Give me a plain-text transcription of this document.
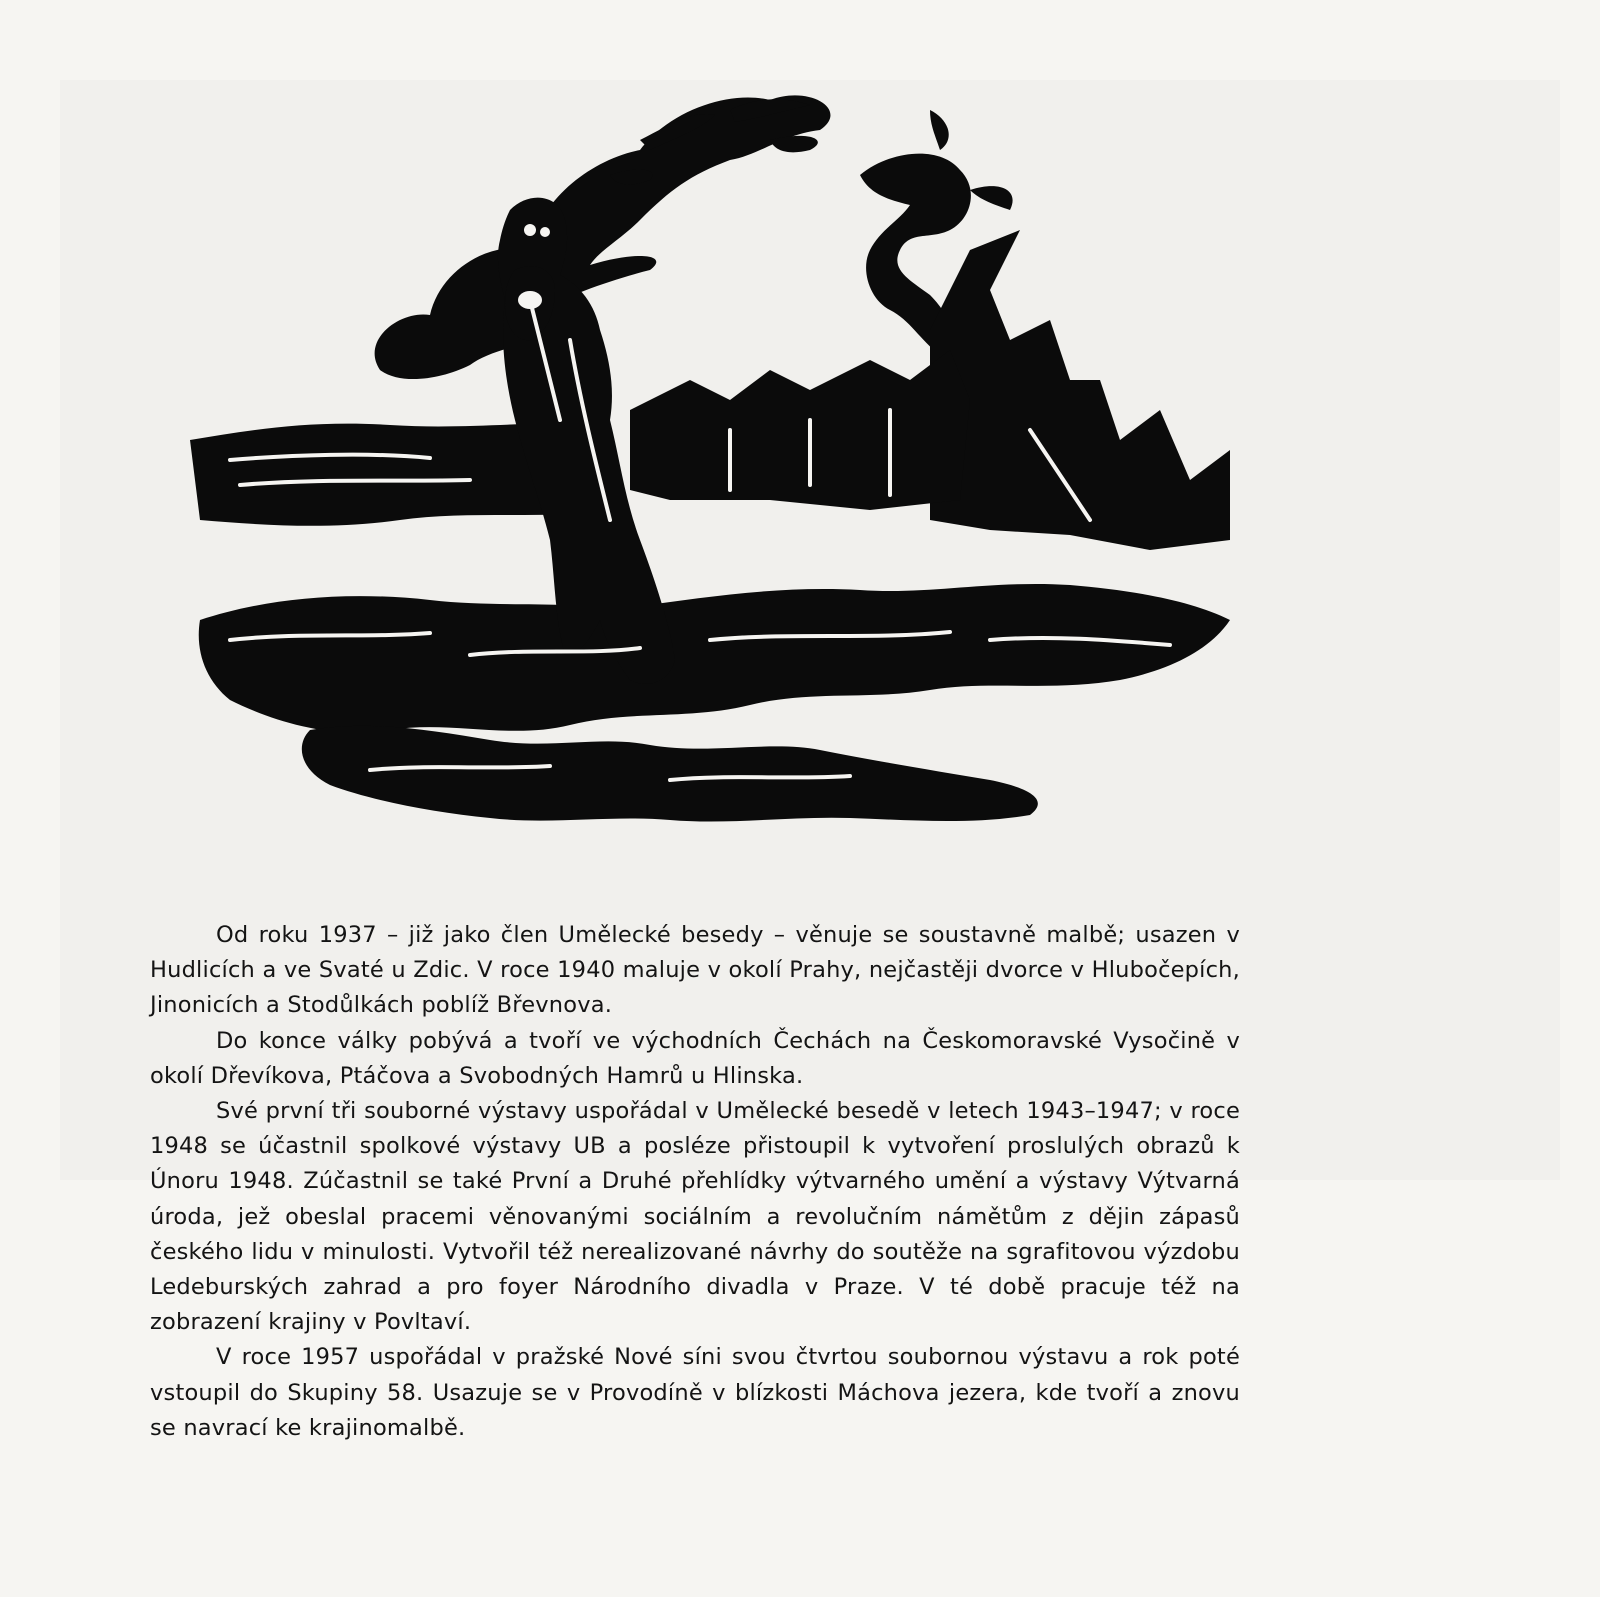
Od roku 1937 – již jako člen Umělecké besedy – věnuje se soustavně malbě; usazen v Hudlicích a ve Svaté u Zdic. V roce 1940 maluje v okolí Prahy, nejčastěji dvorce v Hlubočepích, Jinonicích a Stodůlkách poblíž Břevnova.

Do konce války pobývá a tvoří ve východních Čechách na Českomoravské Vysočině v okolí Dřevíkova, Ptáčova a Svobodných Hamrů u Hlinska.

Své první tři souborné výstavy uspořádal v Umělecké besedě v letech 1943–1947; v roce 1948 se účastnil spolkové výstavy UB a posléze přistoupil k vytvoření proslulých obrazů k Únoru 1948. Zúčastnil se také První a Druhé přehlídky výtvarného umění a výstavy Výtvarná úroda, jež obeslal pracemi věnovanými sociálním a revolučním námětům z dějin zápasů českého lidu v minulosti. Vytvořil též nerealizované návrhy do soutěže na sgrafitovou výzdobu Ledeburských zahrad a pro foyer Národního divadla v Praze. V té době pracuje též na zobrazení krajiny v Povltaví.

V roce 1957 uspořádal v pražské Nové síni svou čtvrtou soubornou výstavu a rok poté vstoupil do Skupiny 58. Usazuje se v Provodíně v blízkosti Máchova jezera, kde tvoří a znovu se navrací ke krajinomalbě.
